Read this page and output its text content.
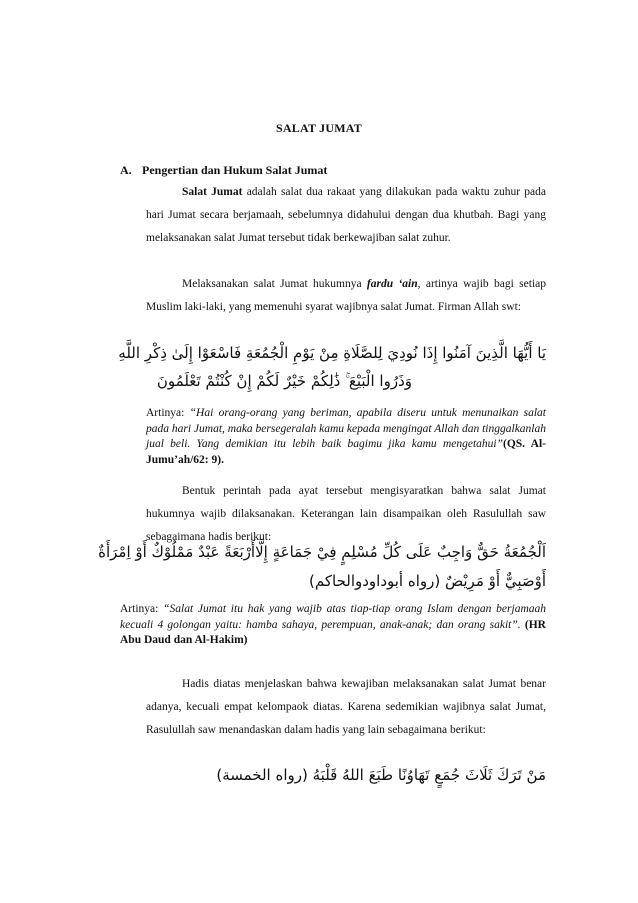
SALAT JUMAT
A. Pengertian dan Hukum Salat Jumat
Salat Jumat adalah salat dua rakaat yang dilakukan pada waktu zuhur pada hari Jumat secara berjamaah, sebelumnya didahului dengan dua khutbah. Bagi yang melaksanakan salat Jumat tersebut tidak berkewajiban salat zuhur.
Melaksanakan salat Jumat hukumnya fardu ‘ain, artinya wajib bagi setiap Muslim laki-laki, yang memenuhi syarat wajibnya salat Jumat. Firman Allah swt:
يَا أَيُّهَا الَّذِينَ آمَنُوا إِذَا نُودِيَ لِلصَّلَاةِ مِنْ يَوْمِ الْجُمُعَةِ فَاسْعَوْا إِلَىٰ ذِكْرِ اللَّهِ
وَذَرُوا الْبَيْعَ ۚ ذَٰلِكُمْ خَيْرٌ لَكُمْ إِنْ كُنْتُمْ تَعْلَمُونَ
Artinya: “Hai orang-orang yang beriman, apabila diseru untuk menunaikan salat pada hari Jumat, maka bersegeralah kamu kepada mengingat Allah dan tinggalkanlah jual beli. Yang demikian itu lebih baik bagimu jika kamu mengetahui”(QS. Al-Jumu’ah/62: 9).
Bentuk perintah pada ayat tersebut mengisyaratkan bahwa salat Jumat hukumnya wajib dilaksanakan. Keterangan lain disampaikan oleh Rasulullah saw sebagaimana hadis berikut:
اَلْجُمُعَةُ حَقٌّ وَاجِبٌ عَلَى كُلِّ مُسْلِمٍ فِيْ جَمَاعَةٍ إِلَّاأَرْبَعَةً عَبْدٌ مَمْلُوْكٌ أَوْ اِمْرَأَةٌ
أَوْصَبِيٌّ أَوْ مَرِيْضٌ (رواه أبوداودوالحاكم)
Artinya: “Salat Jumat itu hak yang wajib atas tiap-tiap orang Islam dengan berjamaah kecuali 4 golongan yaitu: hamba sahaya, perempuan, anak-anak; dan orang sakit”. (HR Abu Daud dan Al-Hakim)
Hadis diatas menjelaskan bahwa kewajiban melaksanakan salat Jumat benar adanya, kecuali empat kelompaok diatas. Karena sedemikian wajibnya salat Jumat, Rasulullah saw menandaskan dalam hadis yang lain sebagaimana berikut:
مَنْ تَرَكَ ثَلَاثَ جُمَعٍ تَهَاوُنًا طَبَعَ اللهُ قَلْبَهُ (رواه الخمسة)
